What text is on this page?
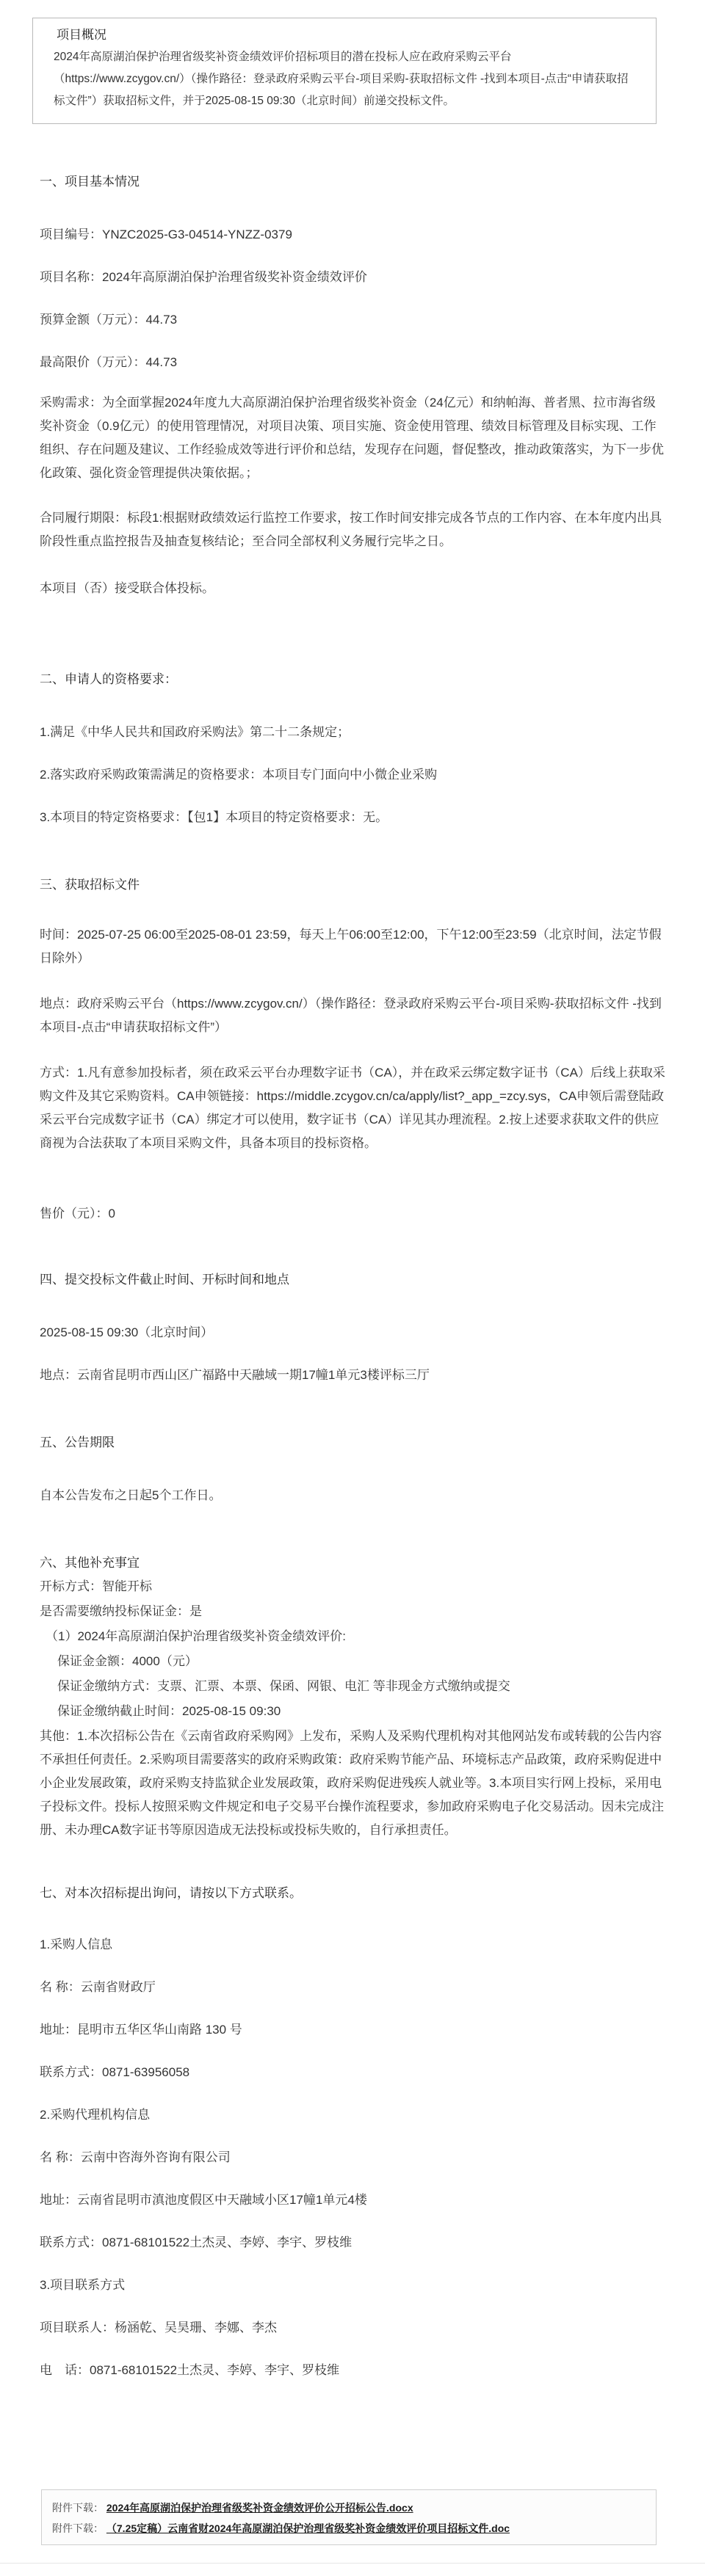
项目概况
2024年高原湖泊保护治理省级奖补资金绩效评价招标项目的潜在投标人应在政府采购云平台（https://www.zcygov.cn/）（操作路径：登录政府采购云平台-项目采购-获取招标文件 -找到本项目-点击“申请获取招标文件”）获取招标文件，并于2025-08-15 09:30（北京时间）前递交投标文件。
一、项目基本情况
项目编号：YNZC2025-G3-04514-YNZZ-0379
项目名称：2024年高原湖泊保护治理省级奖补资金绩效评价
预算金额（万元）：44.73
最高限价（万元）：44.73
采购需求：为全面掌握2024年度九大高原湖泊保护治理省级奖补资金（24亿元）和纳帕海、普者黑、拉市海省级奖补资金（0.9亿元）的使用管理情况，对项目决策、项目实施、资金使用管理、绩效目标管理及目标实现、工作组织、存在问题及建议、工作经验成效等进行评价和总结，发现存在问题，督促整改，推动政策落实，为下一步优化政策、强化资金管理提供决策依据。；
合同履行期限：标段1:根据财政绩效运行监控工作要求，按工作时间安排完成各节点的工作内容、在本年度内出具阶段性重点监控报告及抽查复核结论；至合同全部权利义务履行完毕之日。
本项目（否）接受联合体投标。
二、申请人的资格要求：
1.满足《中华人民共和国政府采购法》第二十二条规定；
2.落实政府采购政策需满足的资格要求：本项目专门面向中小微企业采购
3.本项目的特定资格要求：【包1】本项目的特定资格要求：无。
三、获取招标文件
时间：2025-07-25 06:00至2025-08-01 23:59，每天上午06:00至12:00，下午12:00至23:59（北京时间，法定节假日除外）
地点：政府采购云平台（https://www.zcygov.cn/）（操作路径：登录政府采购云平台-项目采购-获取招标文件 -找到本项目-点击“申请获取招标文件”）
方式：1.凡有意参加投标者，须在政采云平台办理数字证书（CA），并在政采云绑定数字证书（CA）后线上获取采购文件及其它采购资料。CA申领链接：https://middle.zcygov.cn/ca/apply/list?_app_=zcy.sys，CA申领后需登陆政采云平台完成数字证书（CA）绑定才可以使用，数字证书（CA）详见其办理流程。2.按上述要求获取文件的供应商视为合法获取了本项目采购文件，具备本项目的投标资格。
售价（元）：0
四、提交投标文件截止时间、开标时间和地点
2025-08-15 09:30（北京时间）
地点：云南省昆明市西山区广福路中天融域一期17幢1单元3楼评标三厅
五、公告期限
自本公告发布之日起5个工作日。
六、其他补充事宜
开标方式：智能开标
是否需要缴纳投标保证金：是
（1）2024年高原湖泊保护治理省级奖补资金绩效评价:
保证金金额：4000（元）
保证金缴纳方式：支票、汇票、本票、保函、网银、电汇 等非现金方式缴纳或提交
保证金缴纳截止时间：2025-08-15 09:30
其他：1.本次招标公告在《云南省政府采购网》上发布，采购人及采购代理机构对其他网站发布或转载的公告内容不承担任何责任。2.采购项目需要落实的政府采购政策：政府采购节能产品、环境标志产品政策，政府采购促进中小企业发展政策，政府采购支持监狱企业发展政策，政府采购促进残疾人就业等。3.本项目实行网上投标，采用电子投标文件。投标人按照采购文件规定和电子交易平台操作流程要求，参加政府采购电子化交易活动。因未完成注册、未办理CA数字证书等原因造成无法投标或投标失败的，自行承担责任。
七、对本次招标提出询问，请按以下方式联系。
1.采购人信息
名 称：云南省财政厅
地址：昆明市五华区华山南路 130 号
联系方式：0871-63956058
2.采购代理机构信息
名 称：云南中咨海外咨询有限公司
地址：云南省昆明市滇池度假区中天融域小区17幢1单元4楼
联系方式：0871-68101522土杰灵、李婷、李宇、罗枝维
3.项目联系方式
项目联系人：杨涵乾、吴昊珊、李娜、李杰
电　话：0871-68101522土杰灵、李婷、李宇、罗枝维
附件下载： 2024年高原湖泊保护治理省级奖补资金绩效评价公开招标公告.docx
附件下载： （7.25定稿）云南省财2024年高原湖泊保护治理省级奖补资金绩效评价项目招标文件.doc
